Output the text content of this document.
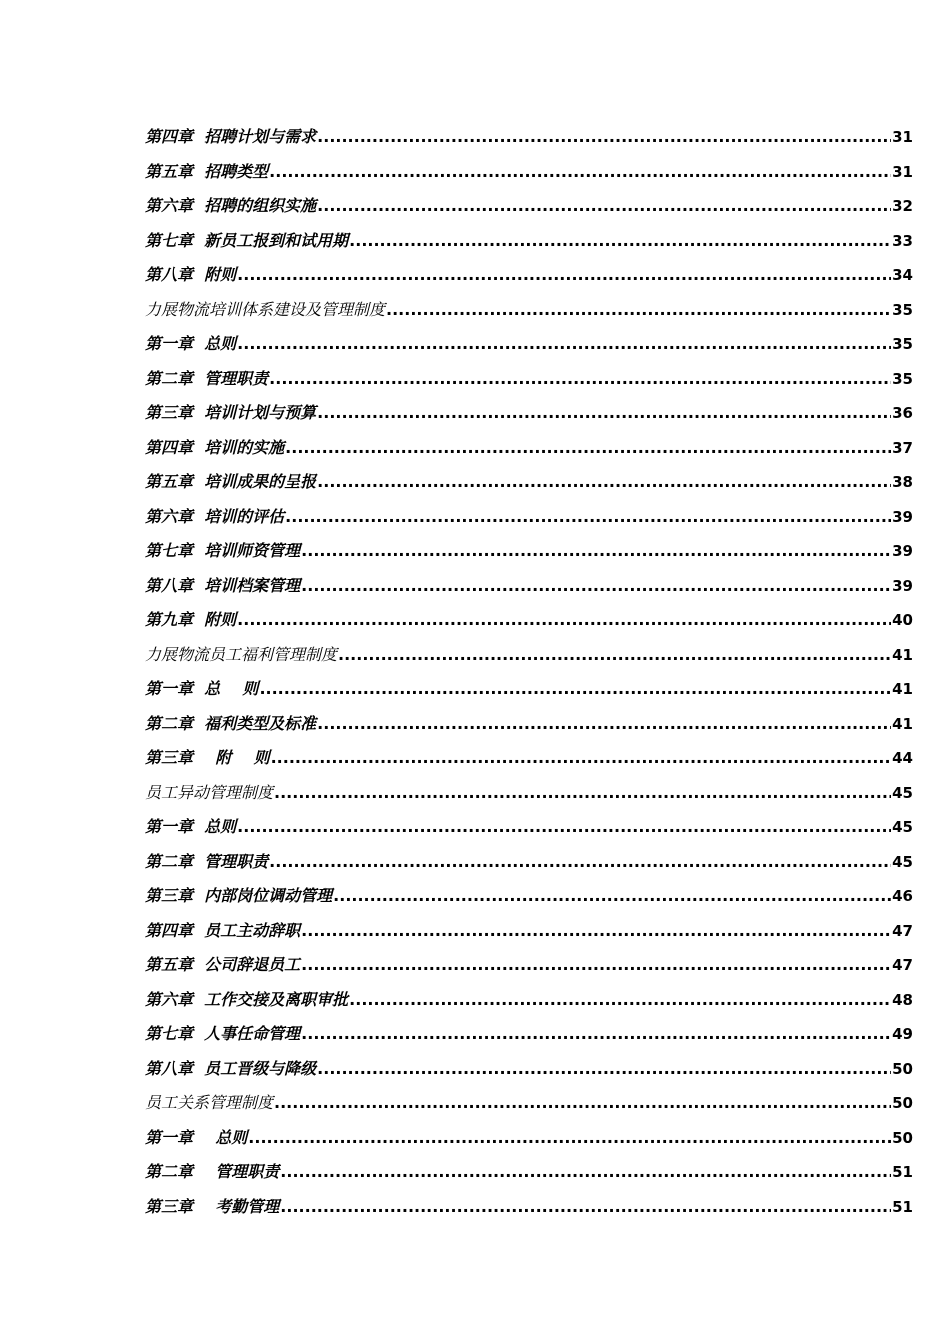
第四章  招聘计划与需求 .....	31
第五章  招聘类型 .....	31
第六章  招聘的组织实施 .....	32
第七章  新员工报到和试用期 .....	33
第八章  附则 .....	34
力展物流培训体系建设及管理制度 .....	35
第一章  总则 .....	35
第二章  管理职责 .....	35
第三章  培训计划与预算 .....	36
第四章  培训的实施 .....	37
第五章  培训成果的呈报 .....	38
第六章  培训的评估 .....	39
第七章  培训师资管理 .....	39
第八章  培训档案管理 .....	39
第九章  附则 .....	40
力展物流员工福利管理制度 .....	41
第一章  总    则 .....	41
第二章  福利类型及标准 .....	41
第三章    附    则 .....	44
员工异动管理制度 .....	45
第一章  总则 .....	45
第二章  管理职责 .....	45
第三章  内部岗位调动管理 .....	46
第四章  员工主动辞职 .....	47
第五章  公司辞退员工 .....	47
第六章  工作交接及离职审批 .....	48
第七章  人事任命管理 .....	49
第八章  员工晋级与降级 .....	50
员工关系管理制度 .....	50
第一章    总则 .....	50
第二章    管理职责 .....	51
第三章    考勤管理 .....	51
